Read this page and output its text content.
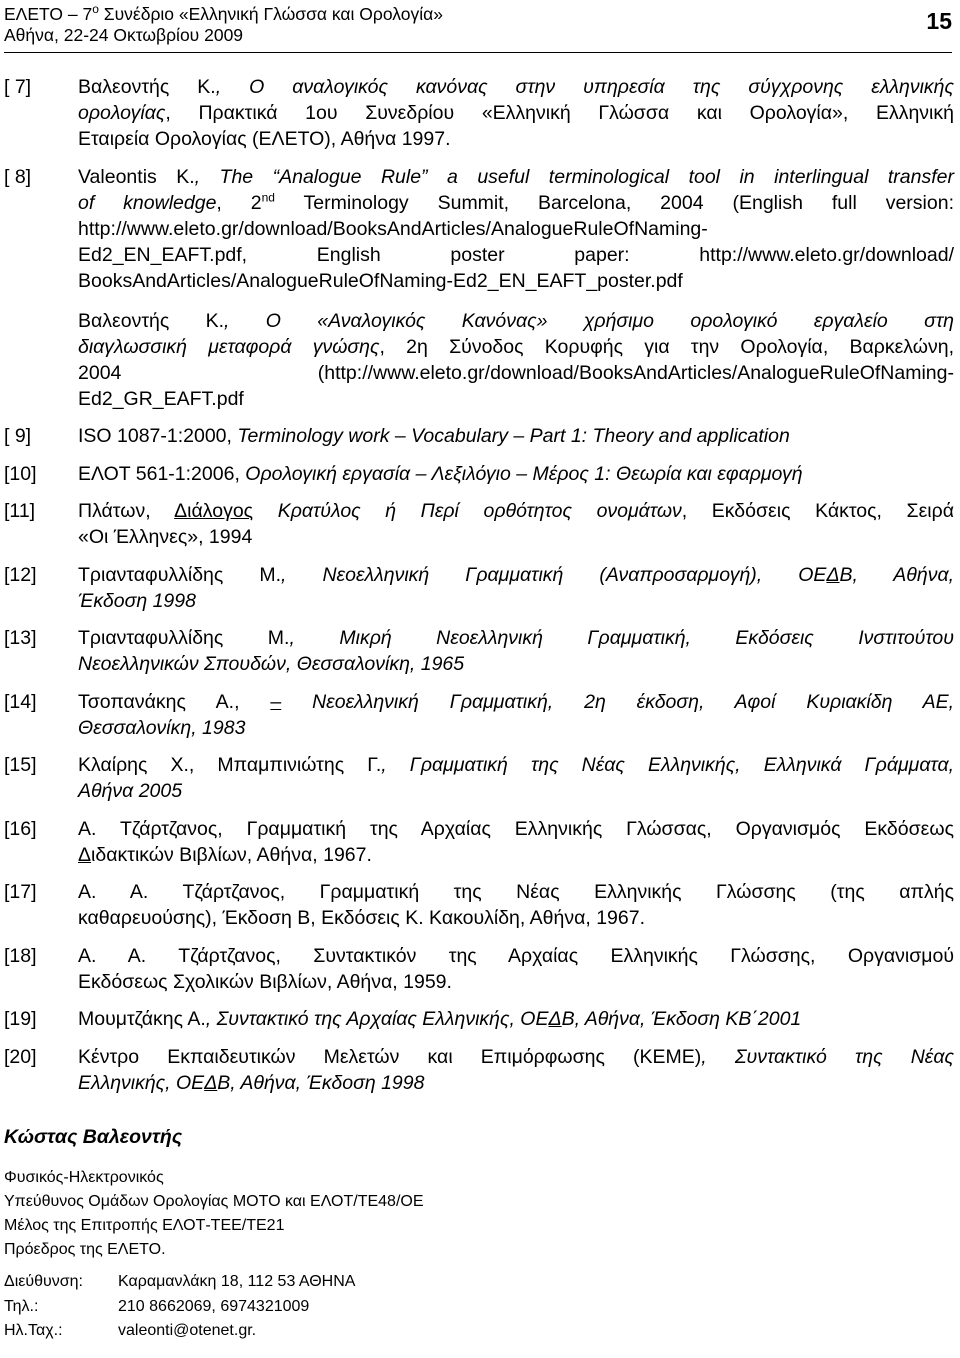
ΕΛΕΤΟ – $7^o$ Συνέδριο «Ελληνική Γλώσσα και Ορολογία»
Αθήνα, 22-24 Οκτωβρίου 2009
15
[ 7] Βαλεοντής Κ., Ο αναλογικός κανόνας στην υπηρεσία της σύγχρονης ελληνικής
ορολογίας, Πρακτικά 1ου Συνεδρίου «Ελληνική Γλώσσα και Ορολογία», Ελληνική
Εταιρεία Ορολογίας (ΕΛΕΤΟ), Αθήνα 1997.
[ 8] Valeontis K., The “Analogue Rule” a useful terminological tool in interlingual transfer
of knowledge, 2nd Terminology Summit, Barcelona, 2004 (English full version:
http://www.eleto.gr/download/BooksAndArticles/AnalogueRuleOfNaming-
Ed2_EN_EAFT.pdf, English poster paper: http://www.eleto.gr/download/
BooksAndArticles/AnalogueRuleOfNaming-Ed2_EN_EAFT_poster.pdf
Βαλεοντής Κ., Ο «Αναλογικός Κανόνας» χρήσιμο ορολογικό εργαλείο στη
διαγλωσσική μεταφορά γνώσης, 2η Σύνοδος Κορυφής για την Ορολογία, Βαρκελώνη,
2004 (http://www.eleto.gr/download/BooksAndArticles/AnalogueRuleOfNaming-
Ed2_GR_EAFT.pdf
[ 9] ISO 1087-1:2000, Terminology work – Vocabulary – Part 1: Theory and application
[10] ΕΛΟΤ 561-1:2006, Ορολογική εργασία – Λεξιλόγιο – Μέρος 1: Θεωρία και εφαρμογή
[11] Πλάτων, Διάλογος Κρατύλος ή Περί ορθότητος ονομάτων, Εκδόσεις Κάκτος, Σειρά
«Οι Έλληνες», 1994
[12] Τριανταφυλλίδης Μ., Νεοελληνική Γραμματική (Αναπροσαρμογή), ΟΕΔΒ, Αθήνα,
Έκδοση 1998
[13] Τριανταφυλλίδης Μ., Μικρή Νεοελληνική Γραμματική, Εκδόσεις Ινστιτούτου
Νεοελληνικών Σπουδών, Θεσσαλονίκη, 1965
[14] Τσοπανάκης Α., – Νεοελληνική Γραμματική, 2η έκδοση, Αφοί Κυριακίδη ΑΕ,
Θεσσαλονίκη, 1983
[15] Κλαίρης Χ., Μπαμπινιώτης Γ., Γραμματική της Νέας Ελληνικής, Ελληνικά Γράμματα,
Αθήνα 2005
[16] Α. Τζάρτζανος, Γραμματική της Αρχαίας Ελληνικής Γλώσσας, Οργανισμός Εκδόσεως
Διδακτικών Βιβλίων, Αθήνα, 1967.
[17] Α. Α. Τζάρτζανος, Γραμματική της Νέας Ελληνικής Γλώσσης (της απλής
καθαρευούσης), Έκδοση Β, Εκδόσεις Κ. Κακουλίδη, Αθήνα, 1967.
[18] Α. Α. Τζάρτζανος, Συντακτικόν της Αρχαίας Ελληνικής Γλώσσης, Οργανισμού
Εκδόσεως Σχολικών Βιβλίων, Αθήνα, 1959.
[19] Μουμτζάκης Α., Συντακτικό της Αρχαίας Ελληνικής, ΟΕΔΒ, Αθήνα, Έκδοση ΚΒ΄2001
[20] Κέντρο Εκπαιδευτικών Μελετών και Επιμόρφωσης (ΚΕΜΕ), Συντακτικό της Νέας
Ελληνικής, ΟΕΔΒ, Αθήνα, Έκδοση 1998
Κώστας Βαλεοντής
Φυσικός-Ηλεκτρονικός
Υπεύθυνος Ομάδων Ορολογίας ΜΟΤΟ και ΕΛΟΤ/ΤΕ48/ΟΕ
Μέλος της Επιτροπής ΕΛΟΤ-ΤΕΕ/ΤΕ21
Πρόεδρος της ΕΛΕΤΟ.
Διεύθυνση: Καραμανλάκη 18, 112 53 ΑΘΗΝΑ
Τηλ.:	210 8662069, 6974321009
Ηλ.Ταχ.:	valeonti@otenet.gr.
